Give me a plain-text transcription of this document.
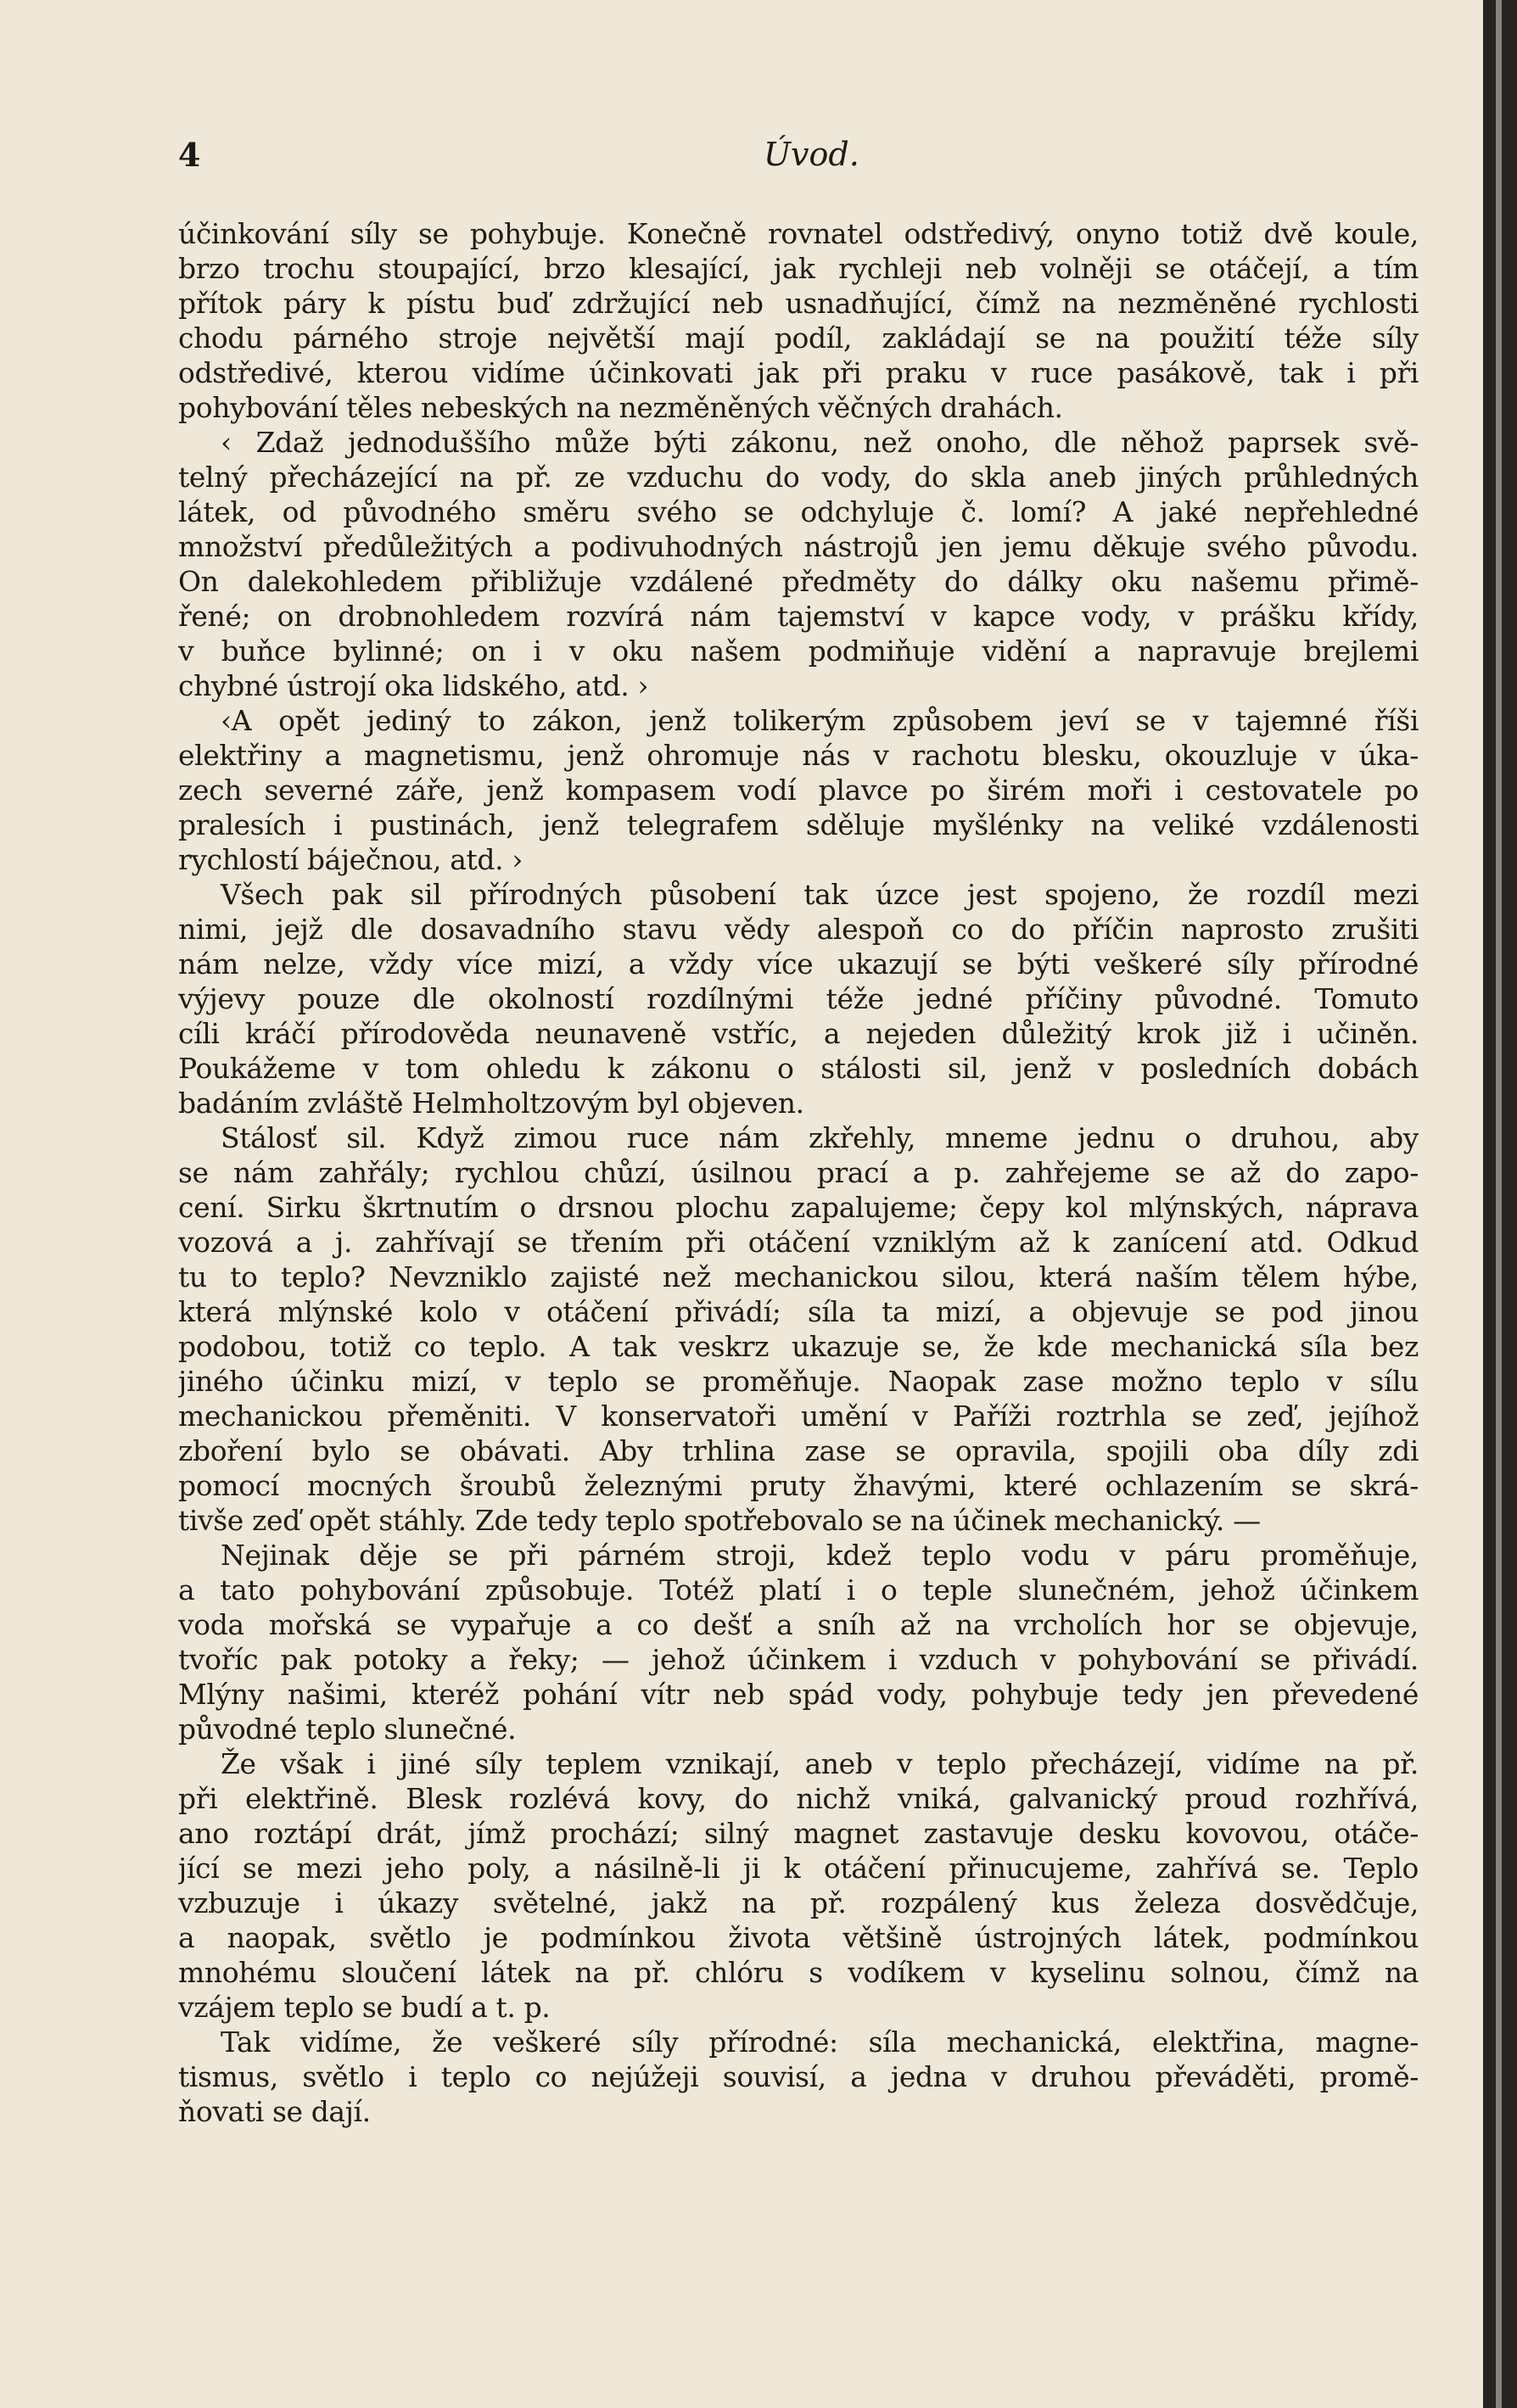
4	Úvod.
účinkování síly se pohybuje. Konečně rovnatel odstředivý, onyno totiž dvě koule,
brzo trochu stoupající, brzo klesající, jak rychleji neb volněji se otáčejí, a tím
přítok páry k pístu buď zdržující neb usnadňující, čímž na nezměněné rychlosti
chodu párného stroje největší mají podíl, zakládají se na použití téže síly
odstředivé, kterou vidíme účinkovati jak při praku v ruce pasákově, tak i při
pohybování těles nebeských na nezměněných věčných drahách.
‹ Zdaž jednoduššího může býti zákonu, než onoho, dle něhož paprsek svě-
telný přecházející na př. ze vzduchu do vody, do skla aneb jiných průhledných
látek, od původného směru svého se odchyluje č. lomí? A jaké nepřehledné
množství předůležitých a podivuhodných nástrojů jen jemu děkuje svého původu.
On dalekohledem přibližuje vzdálené předměty do dálky oku našemu přimě-
řené; on drobnohledem rozvírá nám tajemství v kapce vody, v prášku křídy,
v buňce bylinné; on i v oku našem podmiňuje vidění a napravuje brejlemi
chybné ústrojí oka lidského, atd. ›
‹A opět jediný to zákon, jenž tolikerým způsobem jeví se v tajemné říši
elektřiny a magnetismu, jenž ohromuje nás v rachotu blesku, okouzluje v úka-
zech severné záře, jenž kompasem vodí plavce po širém moři i cestovatele po
pralesích i pustinách, jenž telegrafem sděluje myšlénky na veliké vzdálenosti
rychlostí báječnou, atd. ›
Všech pak sil přírodných působení tak úzce jest spojeno, že rozdíl mezi
nimi, jejž dle dosavadního stavu vědy alespoň co do příčin naprosto zrušiti
nám nelze, vždy více mizí, a vždy více ukazují se býti veškeré síly přírodné
výjevy pouze dle okolností rozdílnými téže jedné příčiny původné. Tomuto
cíli kráčí přírodověda neunaveně vstříc, a nejeden důležitý krok již i učiněn.
Poukážeme v tom ohledu k zákonu o stálosti sil, jenž v posledních dobách
badáním zvláště Helmholtzovým byl objeven.
Stálosť sil. Když zimou ruce nám zkřehly, mneme jednu o druhou, aby
se nám zahřály; rychlou chůzí, úsilnou prací a p. zahřejeme se až do zapo-
cení. Sirku škrtnutím o drsnou plochu zapalujeme; čepy kol mlýnských, náprava
vozová a j. zahřívají se třením při otáčení vzniklým až k zanícení atd. Odkud
tu to teplo? Nevzniklo zajisté než mechanickou silou, která naším tělem hýbe,
která mlýnské kolo v otáčení přivádí; síla ta mizí, a objevuje se pod jinou
podobou, totiž co teplo. A tak veskrz ukazuje se, že kde mechanická síla bez
jiného účinku mizí, v teplo se proměňuje. Naopak zase možno teplo v sílu
mechanickou přeměniti. V konservatoři umění v Paříži roztrhla se zeď, jejíhož
zboření bylo se obávati. Aby trhlina zase se opravila, spojili oba díly zdi
pomocí mocných šroubů železnými pruty žhavými, které ochlazením se skrá-
tivše zeď opět stáhly. Zde tedy teplo spotřebovalo se na účinek mechanický. —
Nejinak děje se při párném stroji, kdež teplo vodu v páru proměňuje,
a tato pohybování způsobuje. Totéž platí i o teple slunečném, jehož účinkem
voda mořská se vypařuje a co dešť a sníh až na vrcholích hor se objevuje,
tvoříc pak potoky a řeky; — jehož účinkem i vzduch v pohybování se přivádí.
Mlýny našimi, kteréž pohání vítr neb spád vody, pohybuje tedy jen převedené
původné teplo slunečné.
Že však i jiné síly teplem vznikají, aneb v teplo přecházejí, vidíme na př.
při elektřině. Blesk rozlévá kovy, do nichž vniká, galvanický proud rozhřívá,
ano roztápí drát, jímž prochází; silný magnet zastavuje desku kovovou, otáče-
jící se mezi jeho poly, a násilně-li ji k otáčení přinucujeme, zahřívá se. Teplo
vzbuzuje i úkazy světelné, jakž na př. rozpálený kus železa dosvědčuje,
a naopak, světlo je podmínkou života většině ústrojných látek, podmínkou
mnohému sloučení látek na př. chlóru s vodíkem v kyselinu solnou, čímž na
vzájem teplo se budí a t. p.
Tak vidíme, že veškeré síly přírodné: síla mechanická, elektřina, magne-
tismus, světlo i teplo co nejúžeji souvisí, a jedna v druhou převáděti, promě-
ňovati se dají.
